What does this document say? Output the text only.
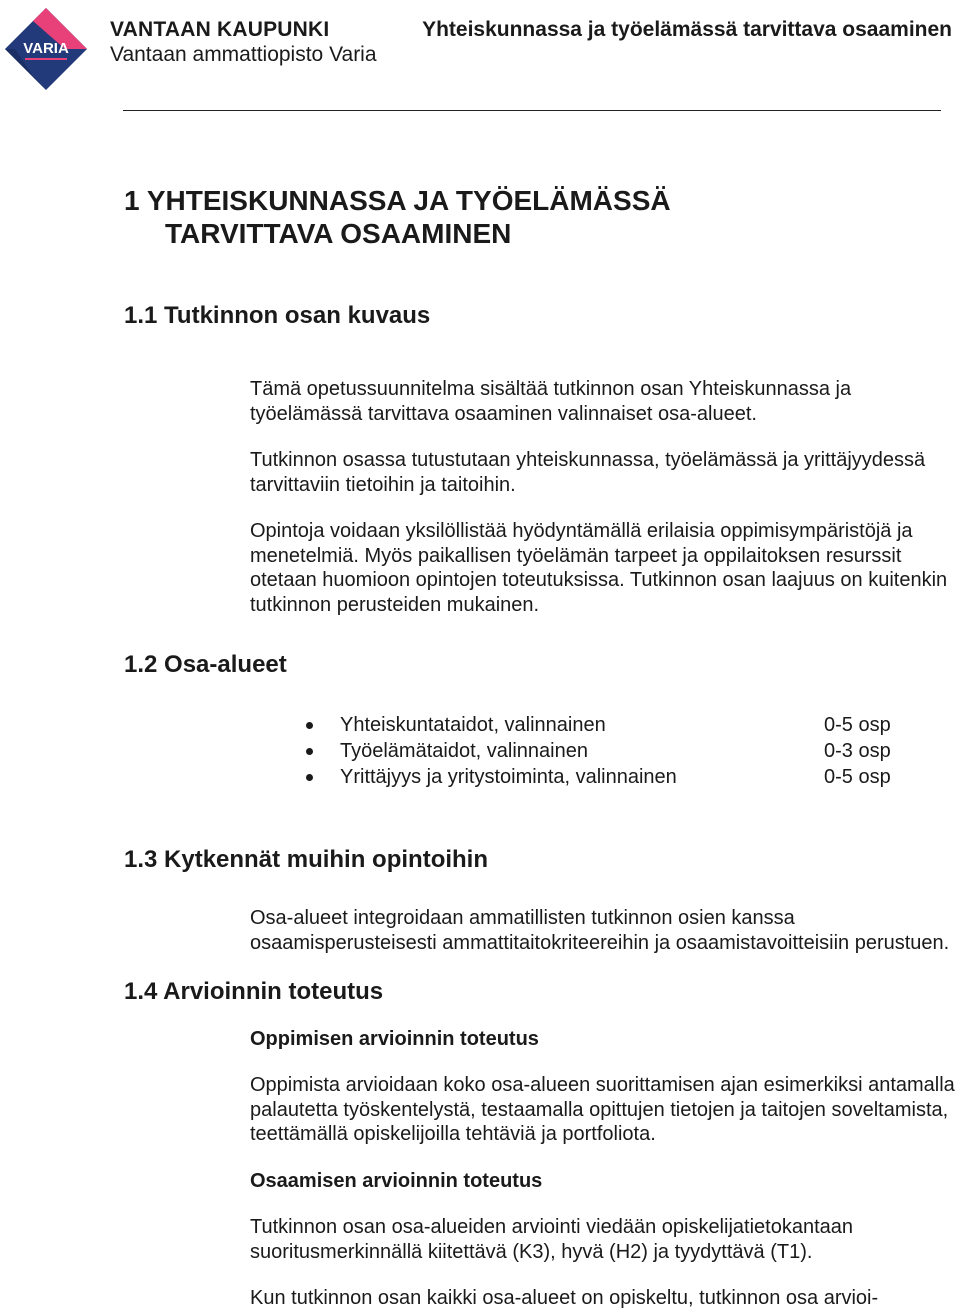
VARIA
VANTAAN KAUPUNKI
Vantaan ammattiopisto Varia
Yhteiskunnassa ja työelämässä tarvittava osaaminen
1 YHTEISKUNNASSA JA TYÖELÄMÄSSÄ
TARVITTAVA OSAAMINEN
1.1 Tutkinnon osan kuvaus

Tämä opetussuunnitelma sisältää tutkinnon osan Yhteiskunnassa ja työelämässä tarvittava osaaminen valinnaiset osa-alueet.

Tutkinnon osassa tutustutaan yhteiskunnassa, työelämässä ja yrittäjyydessä tarvittaviin tietoihin ja taitoihin.

Opintoja voidaan yksilöllistää hyödyntämällä erilaisia oppimisympäristöjä ja menetelmiä. Myös paikallisen työelämän tarpeet ja oppilaitoksen resurssit otetaan huomioon opintojen toteutuksissa. Tutkinnon osan laajuus on kuitenkin tutkinnon perusteiden mukainen.

1.2 Osa-alueet
Yhteiskuntataidot, valinnainen	0-5 osp
Työelämätaidot, valinnainen	0-3 osp
Yrittäjyys ja yritystoiminta, valinnainen	0-5 osp
1.3 Kytkennät muihin opintoihin

Osa-alueet integroidaan ammatillisten tutkinnon osien kanssa osaamisperusteisesti ammattitaitokriteereihin ja osaamistavoitteisiin perustuen.

1.4 Arvioinnin toteutus

Oppimisen arvioinnin toteutus

Oppimista arvioidaan koko osa-alueen suorittamisen ajan esimerkiksi antamalla palautetta työskentelystä, testaamalla opittujen tietojen ja taitojen soveltamista, teettämällä opiskelijoilla tehtäviä ja portfoliota.

Osaamisen arvioinnin toteutus

Tutkinnon osan osa-alueiden arviointi viedään opiskelijatietokantaan suoritusmerkinnällä kiitettävä (K3), hyvä (H2) ja tyydyttävä (T1).

Kun tutkinnon osan kaikki osa-alueet on opiskeltu, tutkinnon osa arvioi-
